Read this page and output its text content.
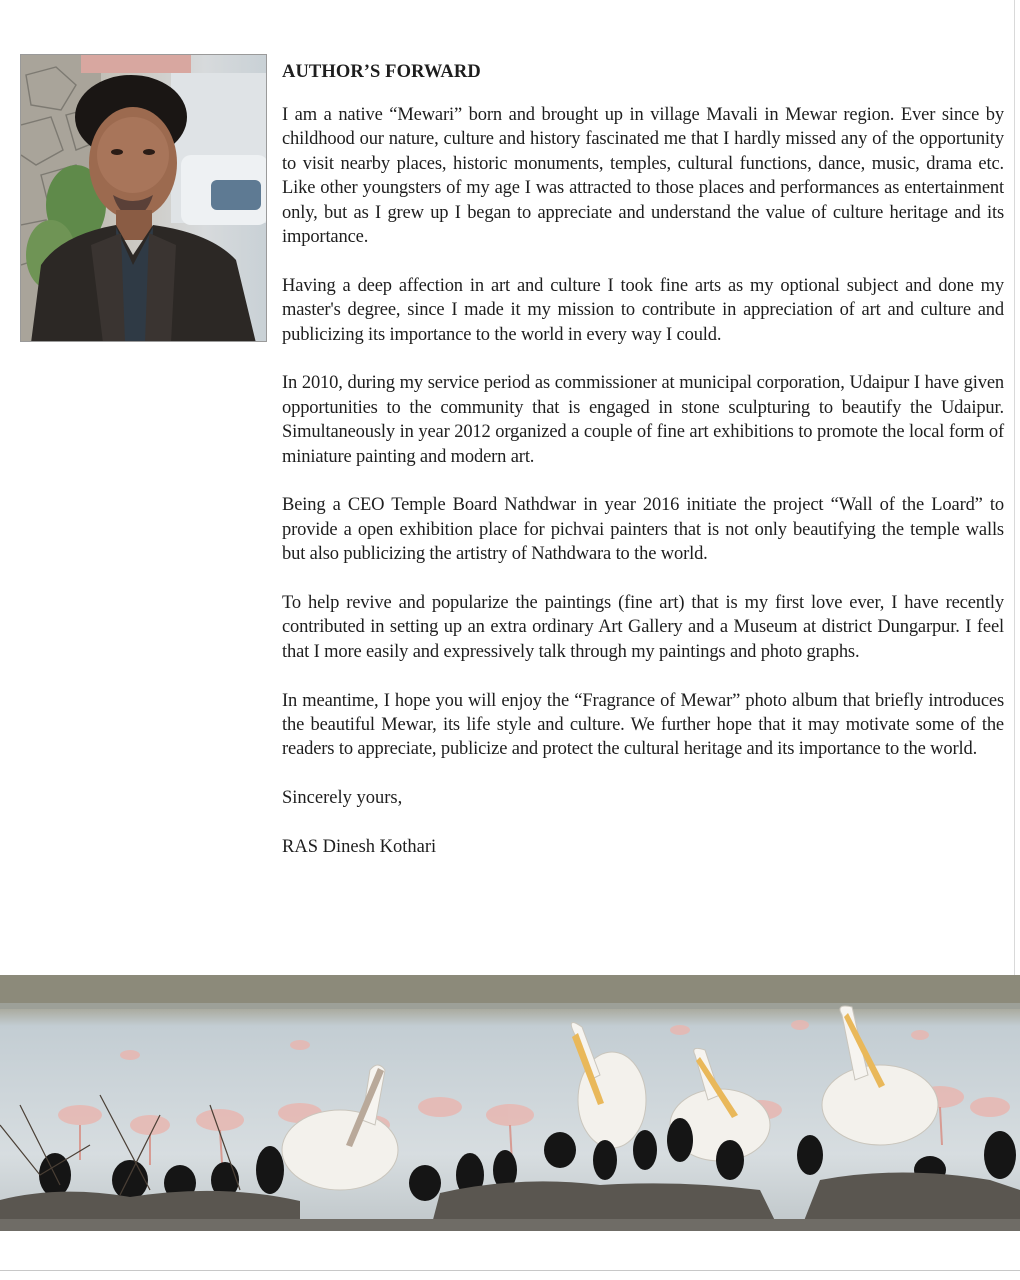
AUTHOR’S FORWARD

I am a native “Mewari” born and brought up in village Mavali in Mewar region. Ever since by childhood our nature, culture and history fascinated me that I hardly missed any of the opportunity to visit nearby places, historic monuments, temples, cultural functions, dance, music, drama etc. Like other youngsters of my age I was attracted to those places and performances as entertainment only, but as I grew up I began to appreciate and understand the value of culture heritage and its importance.

Having a deep affection in art and culture I took fine arts as my optional subject and done my master's degree, since I made it my mission to contribute in appreciation of art and culture and publicizing its importance to the world in every way I could.

In 2010, during my service period as commissioner at municipal corporation, Udaipur I have given opportunities to the community that is engaged in stone sculpturing to beautify the Udaipur. Simultaneously in year 2012 organized a couple of fine art exhibitions to promote the local form of miniature painting and modern art.

Being a CEO Temple Board Nathdwar in year 2016 initiate the project “Wall of the Loard” to provide a open exhibition place for pichvai painters that is not only beautifying the temple walls but also publicizing the artistry of Nathdwara to the world.

To help revive and popularize the paintings (fine art) that is my first love ever, I have recently contributed in setting up an extra ordinary Art Gallery and a Museum at district Dungarpur. I feel that I more easily and expressively talk through my paintings and photo graphs.

In meantime, I hope you will enjoy the “Fragrance of Mewar” photo album that briefly introduces the beautiful Mewar, its life style and culture. We further hope that it may motivate some of the readers to appreciate, publicize and protect the cultural heritage and its importance to the world.

Sincerely yours,

RAS Dinesh Kothari
